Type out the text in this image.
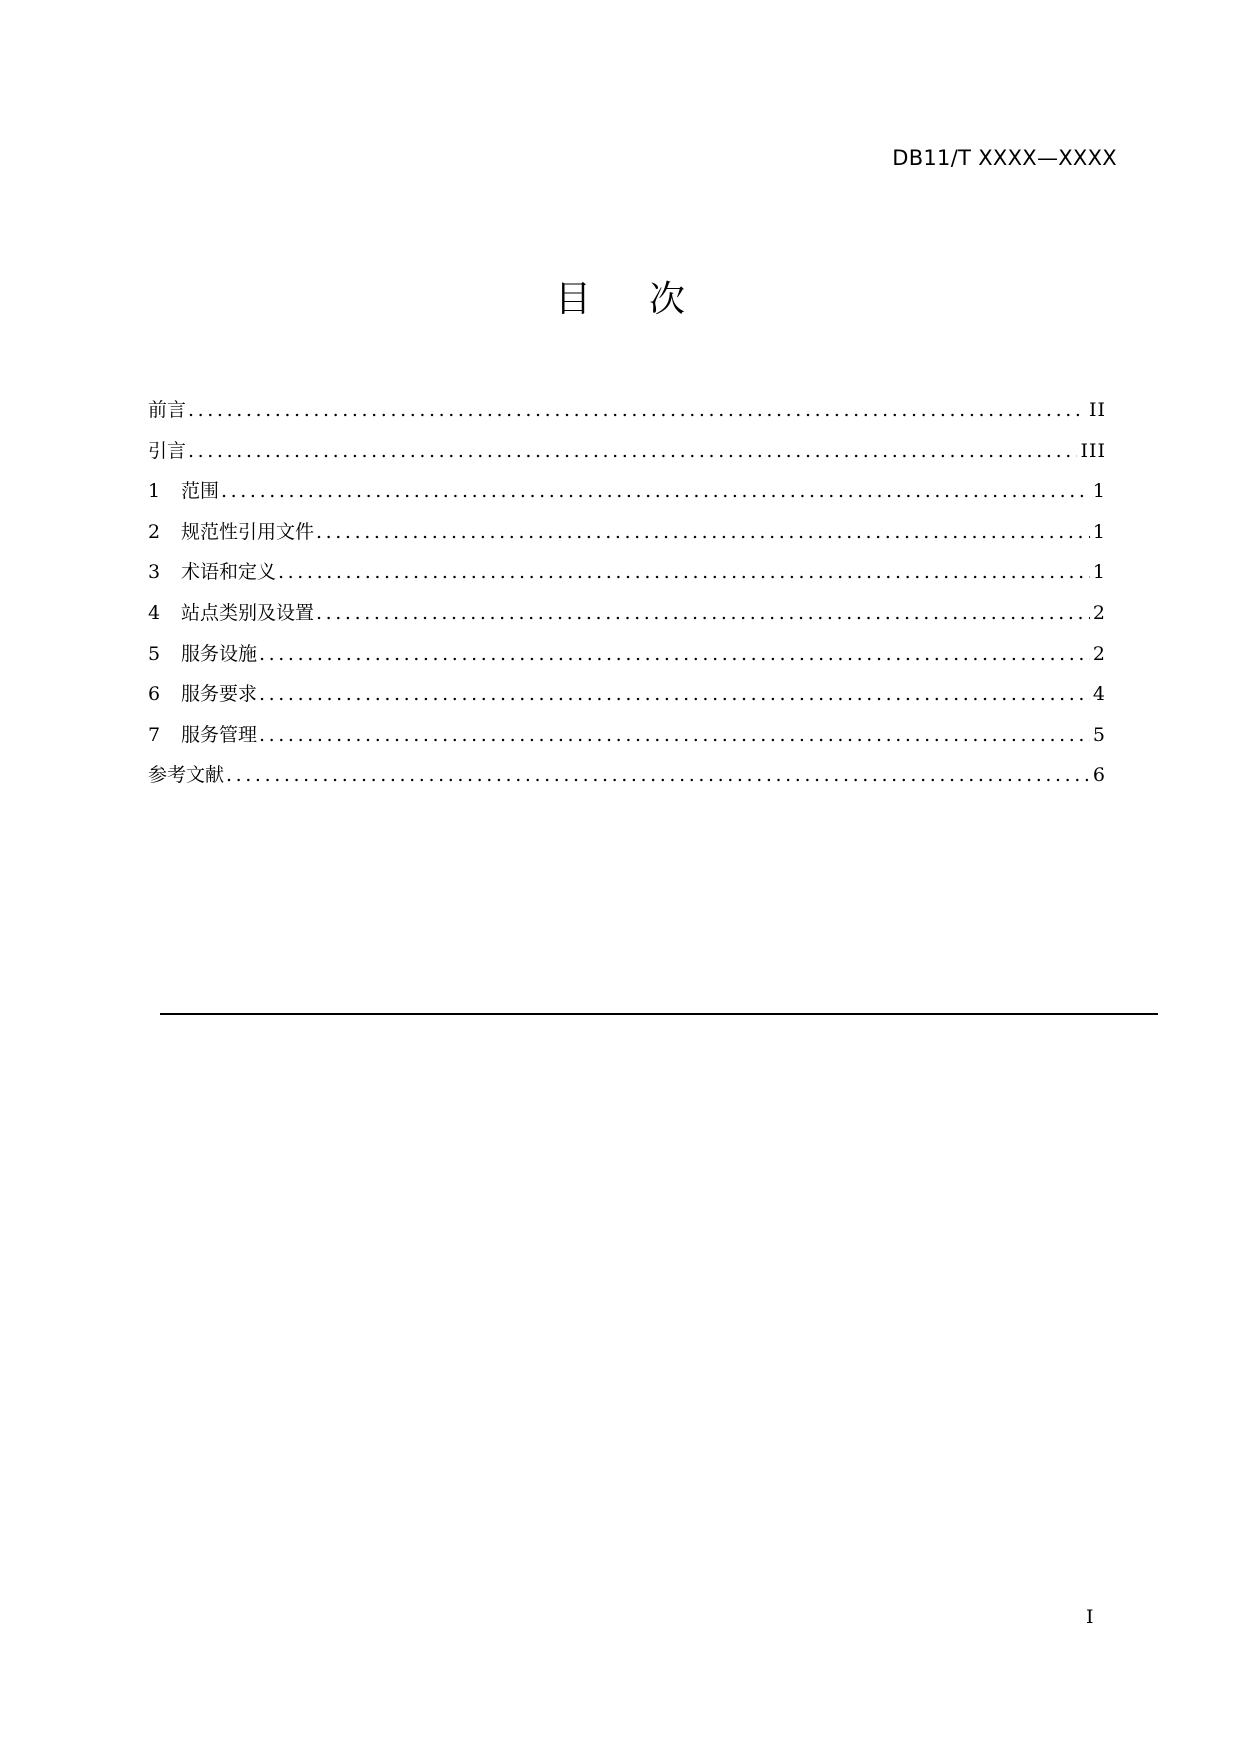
DB11/T XXXX—XXXX
目 次
前言 .....	II
引言 .....	III
1	范围 .....	1
2	规范性引用文件 .....	1
3	术语和定义 .....	1
4	站点类别及设置 .....	2
5	服务设施 .....	2
6	服务要求 .....	4
7	服务管理 .....	5
参考文献 .....	6
I
